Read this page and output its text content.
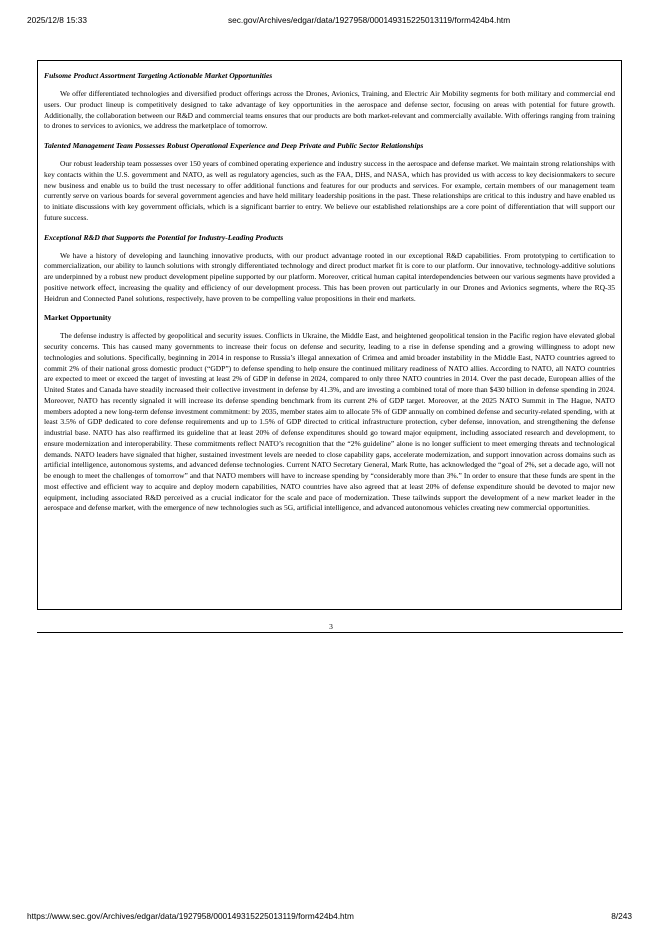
2025/12/8 15:33	sec.gov/Archives/edgar/data/1927958/000149315225013119/form424b4.htm
Fulsome Product Assortment Targeting Actionable Market Opportunities

We offer differentiated technologies and diversified product offerings across the Drones, Avionics, Training, and Electric Air Mobility segments for both military and commercial end users. Our product lineup is competitively designed to take advantage of key opportunities in the aerospace and defense sector, focusing on areas with potential for future growth. Additionally, the collaboration between our R&D and commercial teams ensures that our products are both market-relevant and commercially available. With offerings ranging from training to drones to services to avionics, we address the marketplace of tomorrow.

Talented Management Team Possesses Robust Operational Experience and Deep Private and Public Sector Relationships

Our robust leadership team possesses over 150 years of combined operating experience and industry success in the aerospace and defense market. We maintain strong relationships with key contacts within the U.S. government and NATO, as well as regulatory agencies, such as the FAA, DHS, and NASA, which has provided us with access to key decisionmakers to secure new business and enable us to build the trust necessary to offer additional functions and features for our products and services. For example, certain members of our management team currently serve on various boards for several government agencies and have held military leadership positions in the past. These relationships are critical to this industry and have enabled us to initiate discussions with key government officials, which is a significant barrier to entry. We believe our established relationships are a core point of differentiation that will support our future success.

Exceptional R&D that Supports the Potential for Industry-Leading Products

We have a history of developing and launching innovative products, with our product advantage rooted in our exceptional R&D capabilities. From prototyping to certification to commercialization, our ability to launch solutions with strongly differentiated technology and direct product market fit is core to our platform. Our innovative, technology-additive solutions are underpinned by a robust new product development pipeline supported by our platform. Moreover, critical human capital interdependencies between our various segments have provided a positive network effect, increasing the quality and efficiency of our development process. This has been proven out particularly in our Drones and Avionics segments, where the RQ-35 Heidrun and Connected Panel solutions, respectively, have proven to be compelling value propositions in their end markets.

Market Opportunity

The defense industry is affected by geopolitical and security issues. Conflicts in Ukraine, the Middle East, and heightened geopolitical tension in the Pacific region have elevated global security concerns. This has caused many governments to increase their focus on defense and security, leading to a rise in defense spending and a growing willingness to adopt new technologies and solutions. Specifically, beginning in 2014 in response to Russia’s illegal annexation of Crimea and amid broader instability in the Middle East, NATO countries agreed to commit 2% of their national gross domestic product (“GDP”) to defense spending to help ensure the continued military readiness of NATO allies. According to NATO, all NATO countries are expected to meet or exceed the target of investing at least 2% of GDP in defense in 2024, compared to only three NATO countries in 2014. Over the past decade, European allies of the United States and Canada have steadily increased their collective investment in defense by 41.3%, and are investing a combined total of more than $430 billion in defense spending in 2024. Moreover, NATO has recently signaled it will increase its defense spending benchmark from its current 2% of GDP target. Moreover, at the 2025 NATO Summit in The Hague, NATO members adopted a new long-term defense investment commitment: by 2035, member states aim to allocate 5% of GDP annually on combined defense and security-related spending, with at least 3.5% of GDP dedicated to core defense requirements and up to 1.5% of GDP directed to critical infrastructure protection, cyber defense, innovation, and strengthening the defense industrial base. NATO has also reaffirmed its guideline that at least 20% of defense expenditures should go toward major equipment, including associated research and development, to ensure modernization and interoperability. These commitments reflect NATO’s recognition that the “2% guideline” alone is no longer sufficient to meet emerging threats and technological demands. NATO leaders have signaled that higher, sustained investment levels are needed to close capability gaps, accelerate modernization, and support innovation across domains such as artificial intelligence, autonomous systems, and advanced defense technologies. Current NATO Secretary General, Mark Rutte, has acknowledged the “goal of 2%, set a decade ago, will not be enough to meet the challenges of tomorrow” and that NATO members will have to increase spending by “considerably more than 3%.” In order to ensure that these funds are spent in the most effective and efficient way to acquire and deploy modern capabilities, NATO countries have also agreed that at least 20% of defense expenditure should be devoted to major new equipment, including associated R&D perceived as a crucial indicator for the scale and pace of modernization. These tailwinds support the development of a new market leader in the aerospace and defense market, with the emergence of new technologies such as 5G, artificial intelligence, and advanced autonomous vehicles creating new commercial opportunities.

3
https://www.sec.gov/Archives/edgar/data/1927958/000149315225013119/form424b4.htm	8/243
